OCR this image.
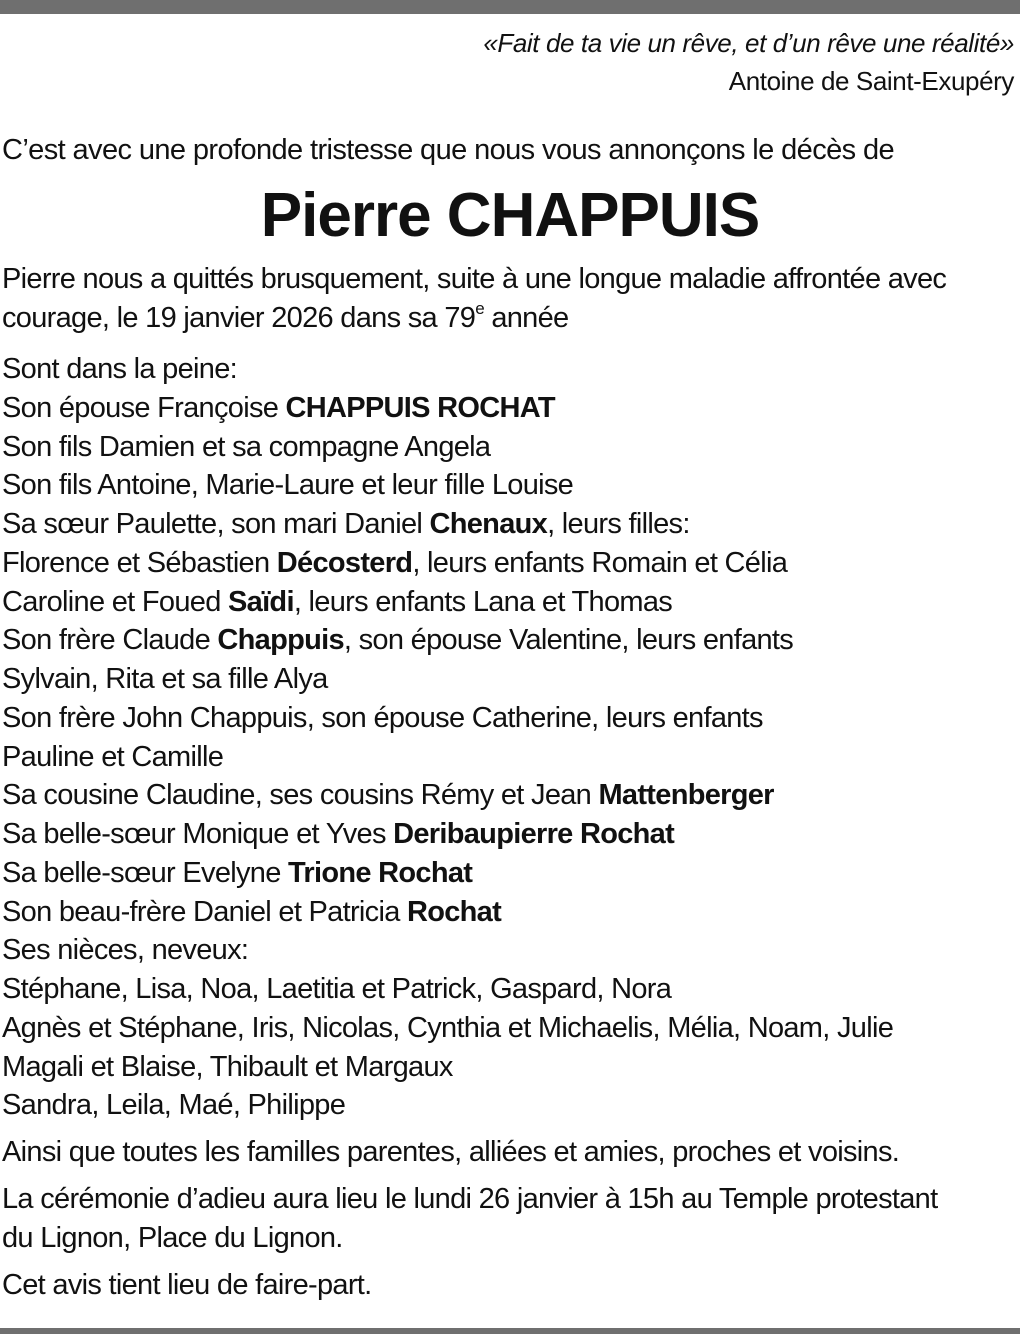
«Fait de ta vie un rêve, et d’un rêve une réalité»
Antoine de Saint-Exupéry
C’est avec une profonde tristesse que nous vous annonçons le décès de
Pierre CHAPPUIS
Pierre nous a quittés brusquement, suite à une longue maladie affrontée avec
courage, le 19 janvier 2026 dans sa 79e année
Sont dans la peine:
Son épouse Françoise CHAPPUIS ROCHAT
Son fils Damien et sa compagne Angela
Son fils Antoine, Marie-Laure et leur fille Louise
Sa sœur Paulette, son mari Daniel Chenaux, leurs filles:
Florence et Sébastien Décosterd, leurs enfants Romain et Célia
Caroline et Foued Saïdi, leurs enfants Lana et Thomas
Son frère Claude Chappuis, son épouse Valentine, leurs enfants
Sylvain, Rita et sa fille Alya
Son frère John Chappuis, son épouse Catherine, leurs enfants
Pauline et Camille
Sa cousine Claudine, ses cousins Rémy et Jean Mattenberger
Sa belle-sœur Monique et Yves Deribaupierre Rochat
Sa belle-sœur Evelyne Trione Rochat
Son beau-frère Daniel et Patricia Rochat
Ses nièces, neveux:
Stéphane, Lisa, Noa, Laetitia et Patrick, Gaspard, Nora
Agnès et Stéphane, Iris, Nicolas, Cynthia et Michaelis, Mélia, Noam, Julie
Magali et Blaise, Thibault et Margaux
Sandra, Leila, Maé, Philippe
Ainsi que toutes les familles parentes, alliées et amies, proches et voisins.
La cérémonie d’adieu aura lieu le lundi 26 janvier à 15h au Temple protestant
du Lignon, Place du Lignon.
Cet avis tient lieu de faire-part.
